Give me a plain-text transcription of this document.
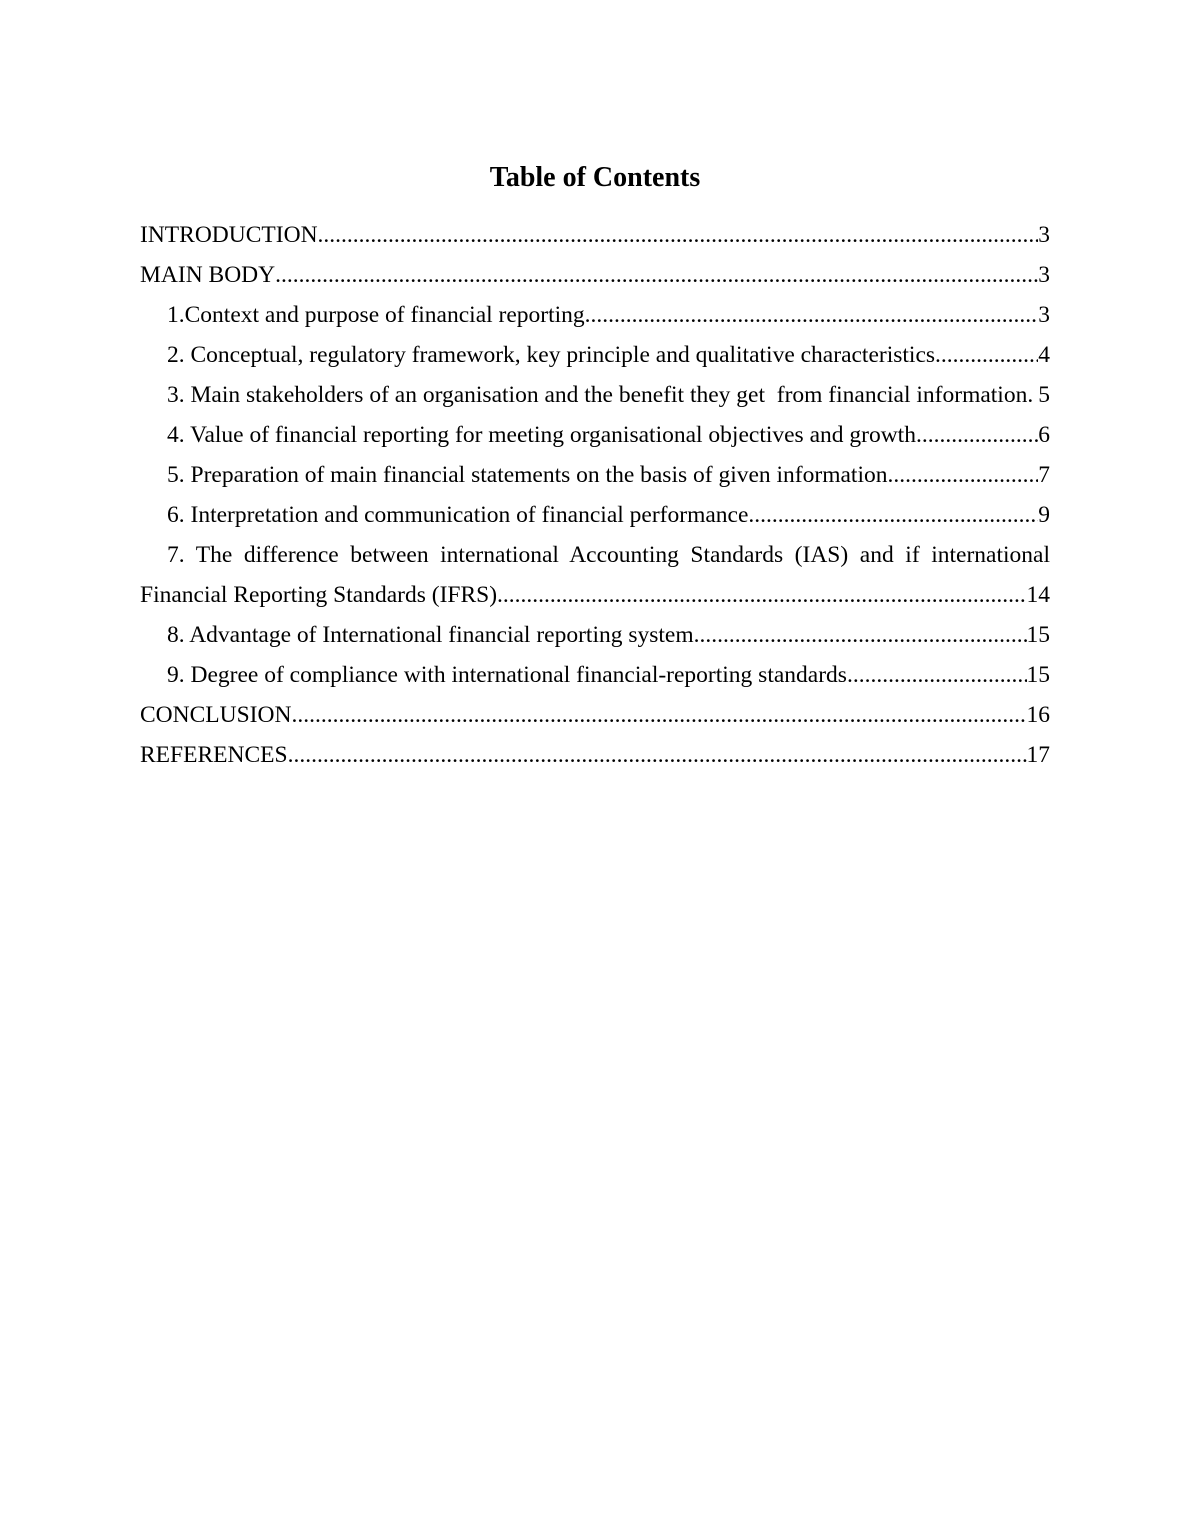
Table of Contents
INTRODUCTION .....	3
MAIN BODY .....	3
1.Context and purpose of financial reporting .....	3
2. Conceptual, regulatory framework, key principle and qualitative characteristics .....	4
3. Main stakeholders of an organisation and the benefit they get  from financial information ..... 5
4. Value of financial reporting for meeting organisational objectives and growth .....	6
5. Preparation of main financial statements on the basis of given information .....	7
6. Interpretation and communication of financial performance .....	9
7. The difference between international Accounting Standards (IAS) and if international
Financial Reporting Standards (IFRS) .....	14
8. Advantage of International financial reporting system .....	15
9. Degree of compliance with international financial-reporting standards .....	15
CONCLUSION .....	16
REFERENCES .....	17
